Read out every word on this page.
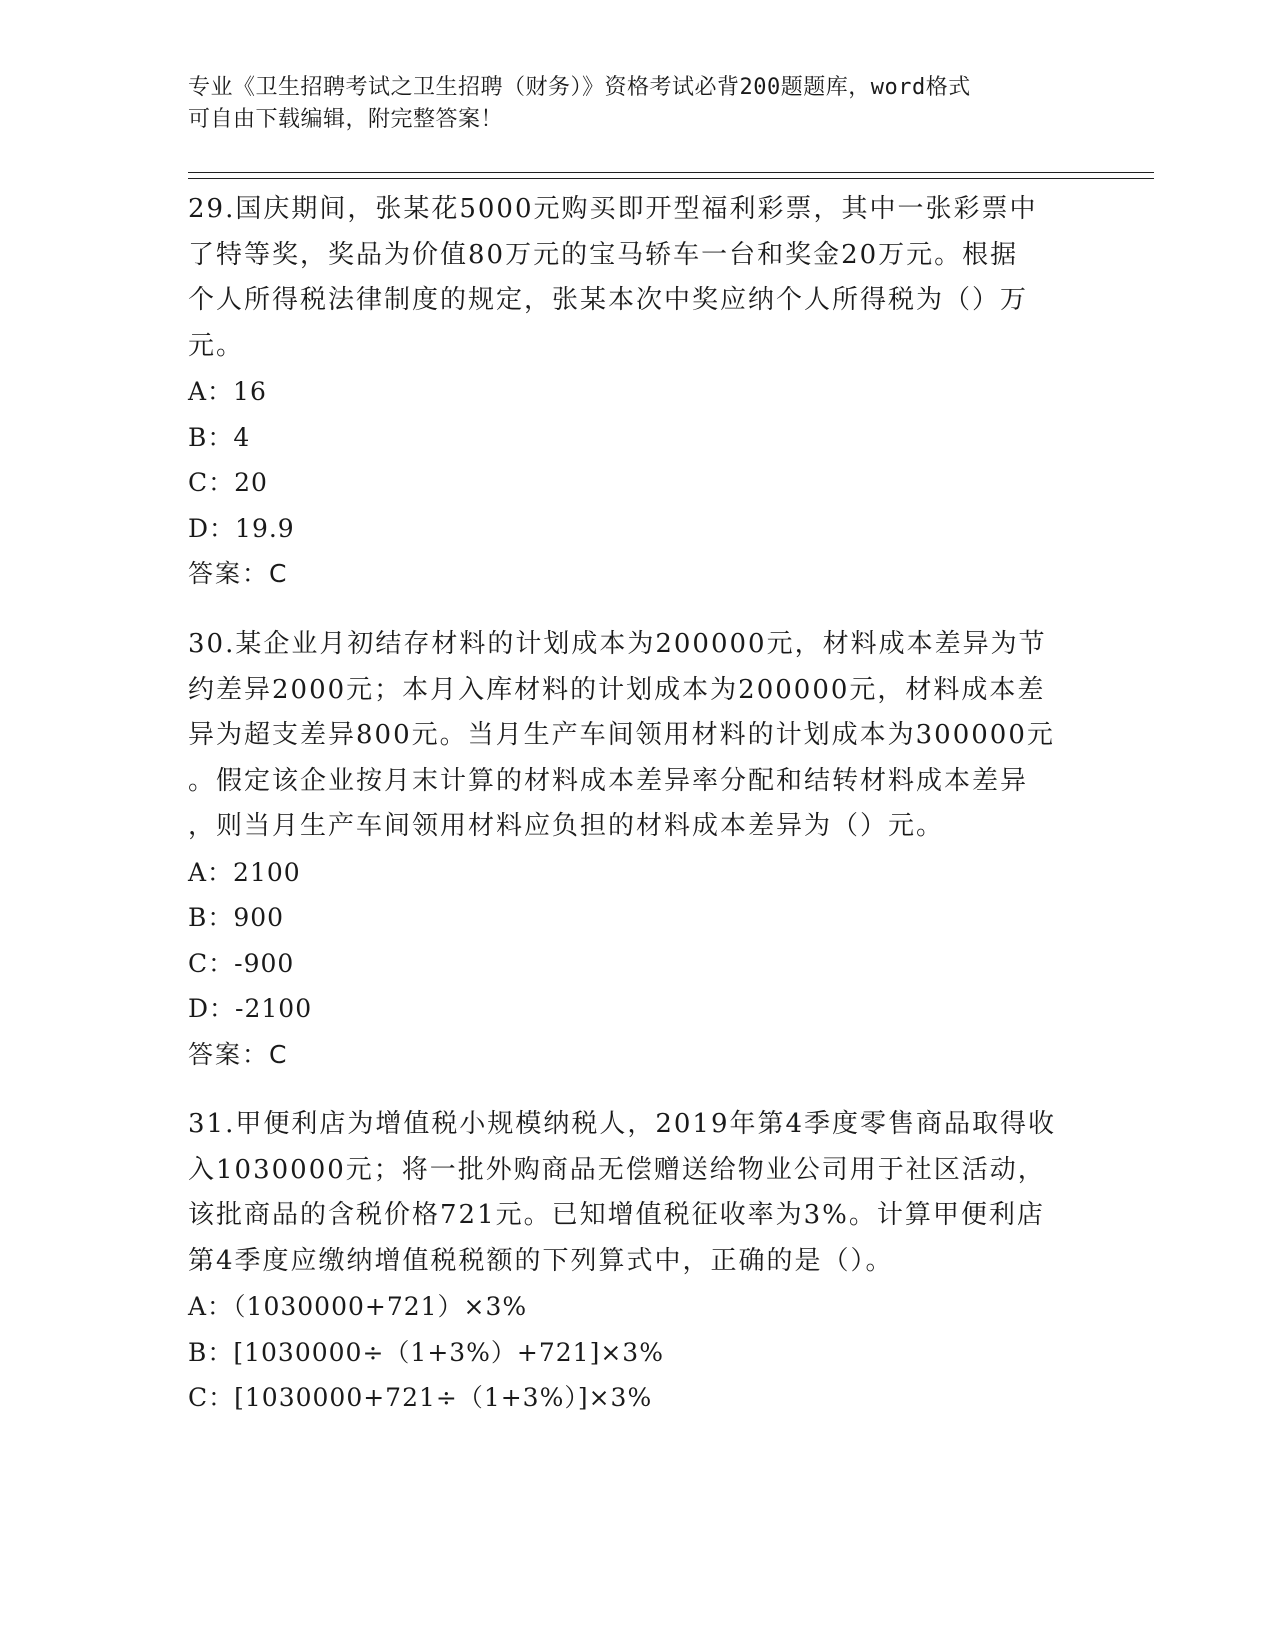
专业《卫生招聘考试之卫生招聘（财务）》资格考试必背200题题库，word格式
可自由下载编辑，附完整答案！
29.国庆期间，张某花5000元购买即开型福利彩票，其中一张彩票中
了特等奖，奖品为价值80万元的宝马轿车一台和奖金20万元。根据
个人所得税法律制度的规定，张某本次中奖应纳个人所得税为（）万
元。
A：16
B：4
C：20
D：19.9
答案：C
30.某企业月初结存材料的计划成本为200000元，材料成本差异为节
约差异2000元；本月入库材料的计划成本为200000元，材料成本差
异为超支差异800元。当月生产车间领用材料的计划成本为300000元
。假定该企业按月末计算的材料成本差异率分配和结转材料成本差异
，则当月生产车间领用材料应负担的材料成本差异为（）元。
A：2100
B：900
C：-900
D：-2100
答案：C
31.甲便利店为增值税小规模纳税人，2019年第4季度零售商品取得收
入1030000元；将一批外购商品无偿赠送给物业公司用于社区活动，
该批商品的含税价格721元。已知增值税征收率为3%。计算甲便利店
第4季度应缴纳增值税税额的下列算式中，正确的是（）。
A：（1030000+721）×3%
B：[1030000÷（1+3%）+721]×3%
C：[1030000+721÷（1+3%）]×3%
